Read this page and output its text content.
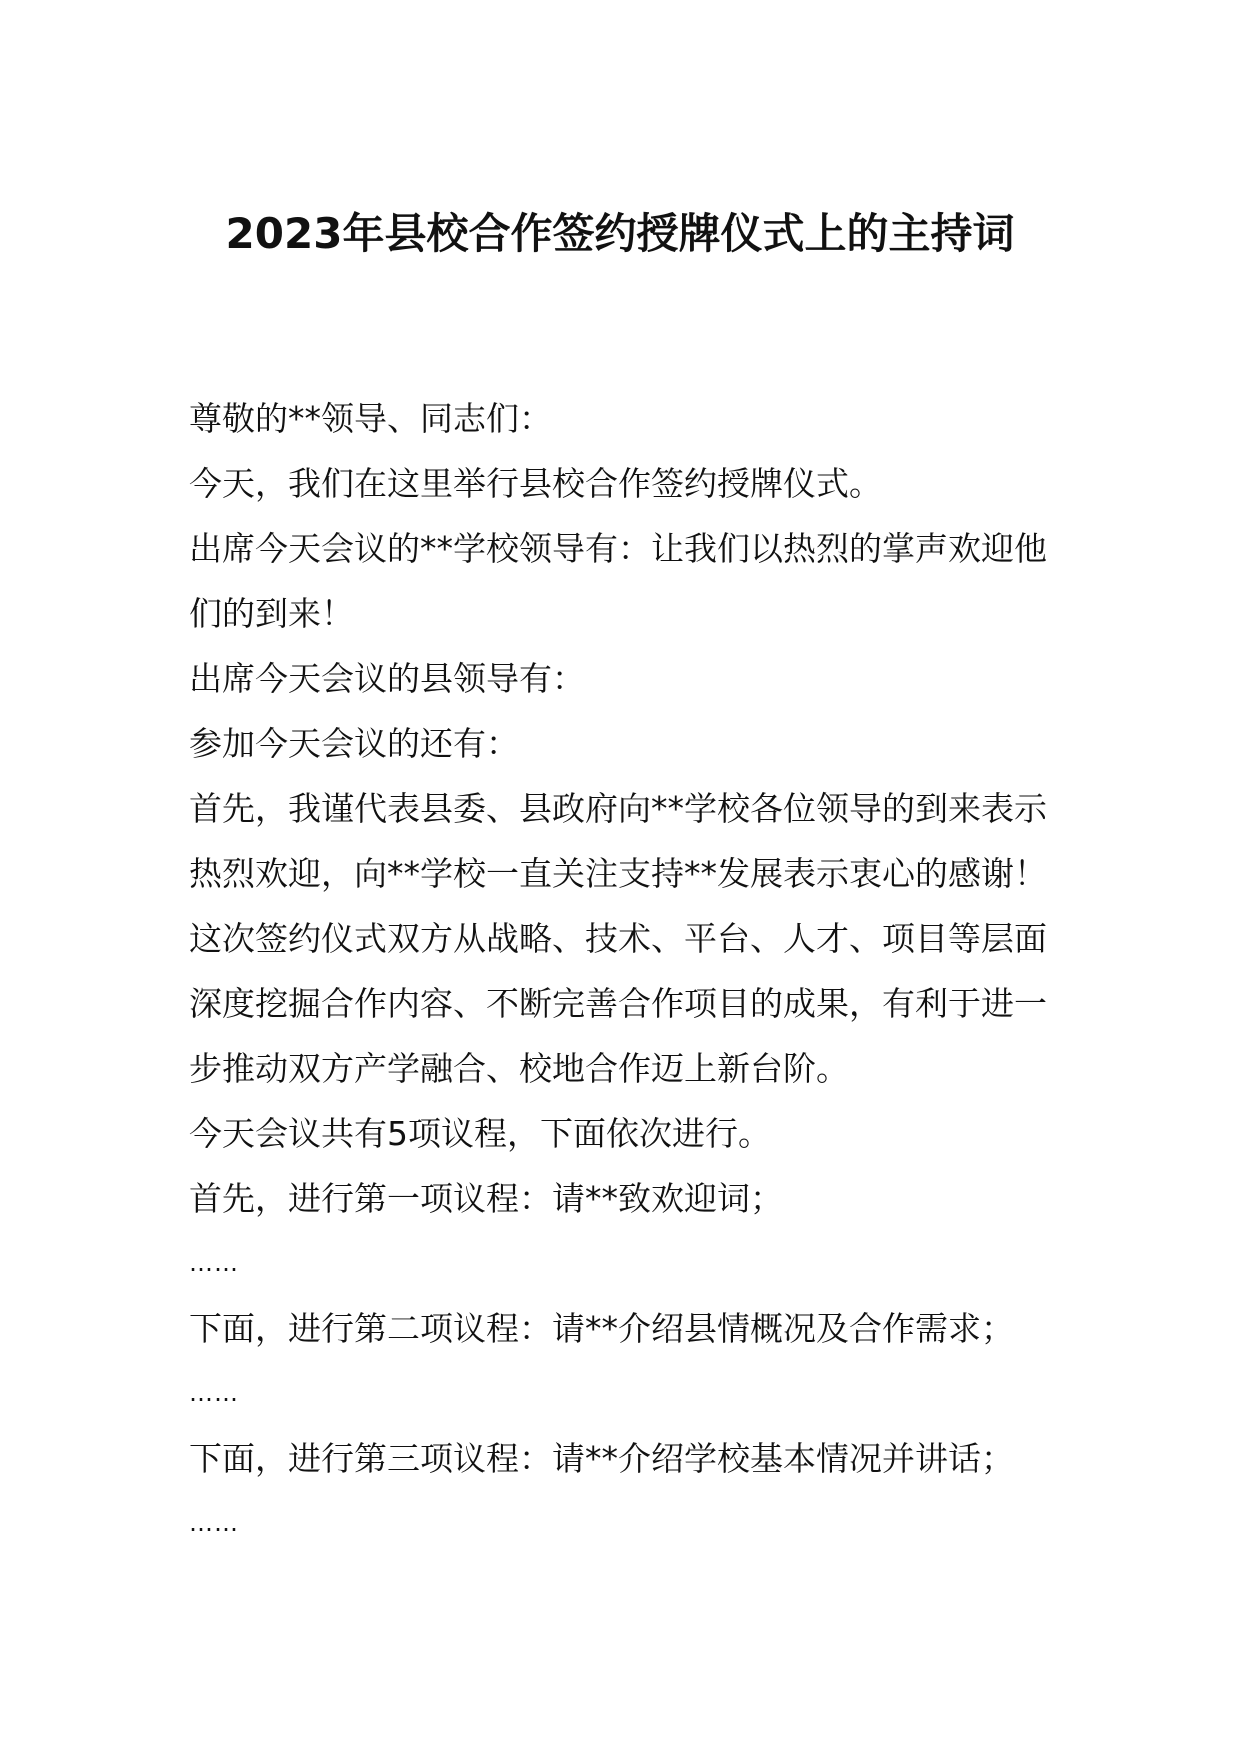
2023年县校合作签约授牌仪式上的主持词

尊敬的**领导、同志们：

今天，我们在这里举行县校合作签约授牌仪式。

出席今天会议的**学校领导有：让我们以热烈的掌声欢迎他们的到来！

出席今天会议的县领导有：

参加今天会议的还有：

首先，我谨代表县委、县政府向**学校各位领导的到来表示热烈欢迎，向**学校一直关注支持**发展表示衷心的感谢！这次签约仪式双方从战略、技术、平台、人才、项目等层面深度挖掘合作内容、不断完善合作项目的成果，有利于进一步推动双方产学融合、校地合作迈上新台阶。

今天会议共有5项议程，下面依次进行。

首先，进行第一项议程：请**致欢迎词；

……

下面，进行第二项议程：请**介绍县情概况及合作需求；

……

下面，进行第三项议程：请**介绍学校基本情况并讲话；

……
